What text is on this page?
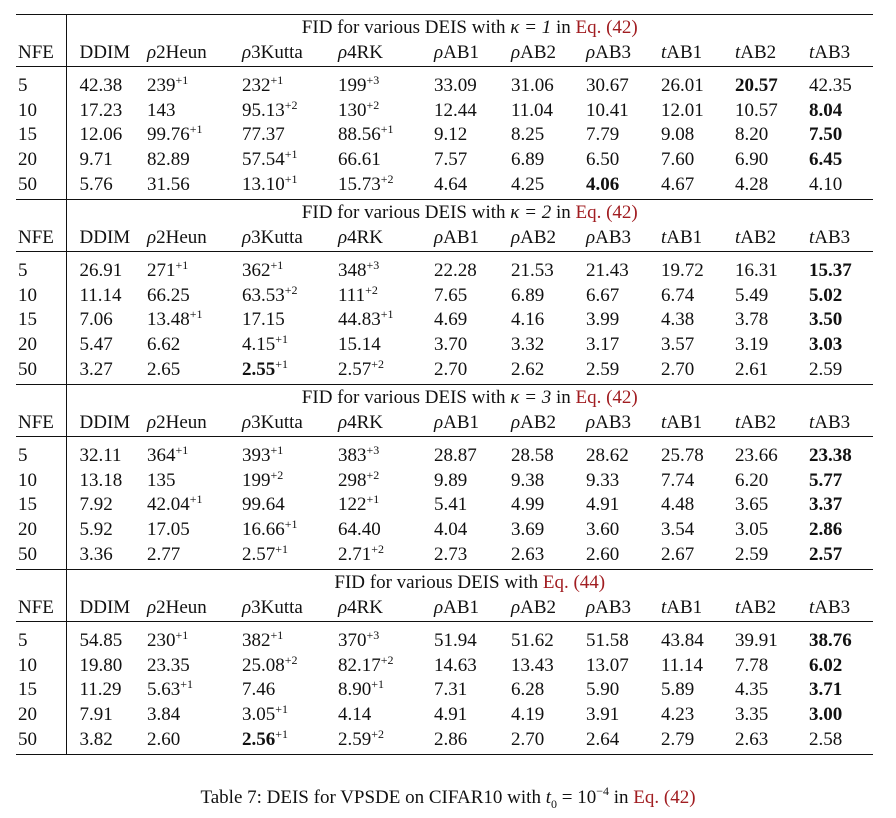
	FID for various DEIS with κ = 1 in Eq. (42)									
NFE	DDIM	ρ2Heun	ρ3Kutta	ρ4RK	ρAB1	ρAB2	ρAB3	tAB1	tAB2	tAB3

5	42.38	$239^{+1}$	$232^{+1}$	$199^{+3}$	33.09	31.06	30.67	26.01	20.57	42.35
10	17.23	143	$95.13^{+2}$	$130^{+2}$	12.44	11.04	10.41	12.01	10.57	8.04
15	12.06	$99.76^{+1}$	77.37	$88.56^{+1}$	9.12	8.25	7.79	9.08	8.20	7.50
20	9.71	82.89	$57.54^{+1}$	66.61	7.57	6.89	6.50	7.60	6.90	6.45
50	5.76	31.56	$13.10^{+1}$	$15.73^{+2}$	4.64	4.25	4.06	4.67	4.28	4.10
	FID for various DEIS with κ = 2 in Eq. (42)									
NFE	DDIM	ρ2Heun	ρ3Kutta	ρ4RK	ρAB1	ρAB2	ρAB3	tAB1	tAB2	tAB3

5	26.91	$271^{+1}$	$362^{+1}$	$348^{+3}$	22.28	21.53	21.43	19.72	16.31	15.37
10	11.14	66.25	$63.53^{+2}$	$111^{+2}$	7.65	6.89	6.67	6.74	5.49	5.02
15	7.06	$13.48^{+1}$	17.15	$44.83^{+1}$	4.69	4.16	3.99	4.38	3.78	3.50
20	5.47	6.62	$4.15^{+1}$	15.14	3.70	3.32	3.17	3.57	3.19	3.03
50	3.27	2.65	$2.55^{+1}$	$2.57^{+2}$	2.70	2.62	2.59	2.70	2.61	2.59
	FID for various DEIS with κ = 3 in Eq. (42)									
NFE	DDIM	ρ2Heun	ρ3Kutta	ρ4RK	ρAB1	ρAB2	ρAB3	tAB1	tAB2	tAB3

5	32.11	$364^{+1}$	$393^{+1}$	$383^{+3}$	28.87	28.58	28.62	25.78	23.66	23.38
10	13.18	135	$199^{+2}$	$298^{+2}$	9.89	9.38	9.33	7.74	6.20	5.77
15	7.92	$42.04^{+1}$	99.64	$122^{+1}$	5.41	4.99	4.91	4.48	3.65	3.37
20	5.92	17.05	$16.66^{+1}$	64.40	4.04	3.69	3.60	3.54	3.05	2.86
50	3.36	2.77	$2.57^{+1}$	$2.71^{+2}$	2.73	2.63	2.60	2.67	2.59	2.57
	FID for various DEIS with Eq. (44)									
NFE	DDIM	ρ2Heun	ρ3Kutta	ρ4RK	ρAB1	ρAB2	ρAB3	tAB1	tAB2	tAB3

5	54.85	$230^{+1}$	$382^{+1}$	$370^{+3}$	51.94	51.62	51.58	43.84	39.91	38.76
10	19.80	23.35	$25.08^{+2}$	$82.17^{+2}$	14.63	13.43	13.07	11.14	7.78	6.02
15	11.29	$5.63^{+1}$	7.46	$8.90^{+1}$	7.31	6.28	5.90	5.89	4.35	3.71
20	7.91	3.84	$3.05^{+1}$	4.14	4.91	4.19	3.91	4.23	3.35	3.00
50	3.82	2.60	$2.56^{+1}$	$2.59^{+2}$	2.86	2.70	2.64	2.79	2.63	2.58
Table 7: DEIS for VPSDE on CIFAR10 with $t_0 = 10^{-4}$ in Eq. (42)
